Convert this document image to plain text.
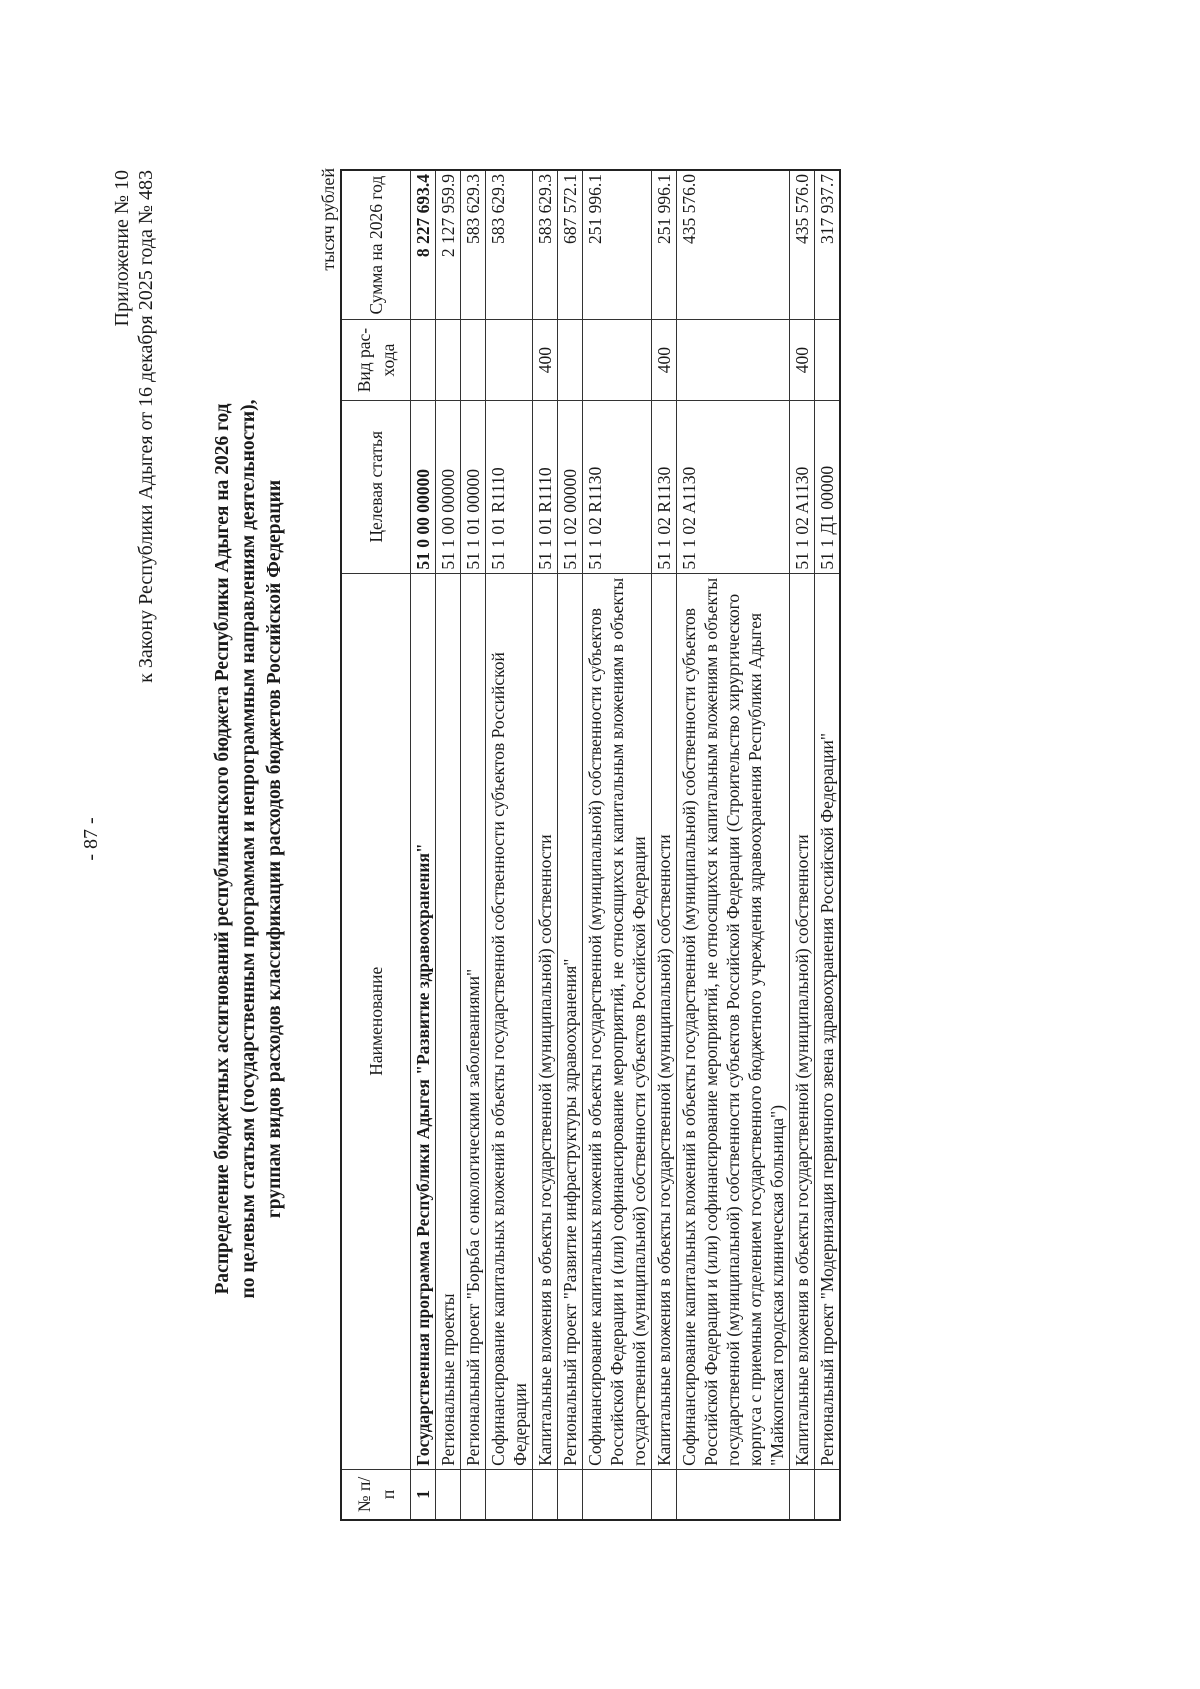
- 87 -
Приложение № 10 к Закону Республики Адыгея от 16 декабря 2025 года № 483	Распределение бюджетных ассигнований республиканского бюджета Республики Адыгея на 2026 год по целевым статьям (государственным программам и непрограммным направлениям деятельности), группам видов расходов классификации расходов бюджетов Российской Федерации
тысяч рублей
№ п/п	Наименование	Целевая статья	Вид рас-хода	Сумма на 2026 год
1	Государственная программа Республики Адыгея "Развитие здравоохранения"	51 0 00 00000		8 227 693.4
	Региональные проекты	51 1 00 00000		2 127 959.9
	Региональный проект "Борьба с онкологическими заболеваниями"	51 1 01 00000		583 629.3
	Софинансирование капитальных вложений в объекты государственной собственности субъектов Российской Федерации	51 1 01 R1110		583 629.3
	Капитальные вложения в объекты государственной (муниципальной) собственности	51 1 01 R1110	400	583 629.3
	Региональный проект "Развитие инфраструктуры здравоохранения"	51 1 02 00000		687 572.1
	Софинансирование капитальных вложений в объекты государственной (муниципальной) собственности субъектов Российской Федерации и (или) софинансирование мероприятий, не относящихся к капитальным вложениям в объекты государственной (муниципальной) собственности субъектов Российской Федерации	51 1 02 R1130		251 996.1
	Капитальные вложения в объекты государственной (муниципальной) собственности	51 1 02 R1130	400	251 996.1
	Софинансирование капитальных вложений в объекты государственной (муниципальной) собственности субъектов Российской Федерации и (или) софинансирование мероприятий, не относящихся к капитальным вложениям в объекты государственной (муниципальной) собственности субъектов Российской Федерации (Строительство хирургического корпуса с приемным отделением государственного бюджетного учреждения здравоохранения Республики Адыгея "Майкопская городская клиническая больница")	51 1 02 A1130		435 576.0
	Капитальные вложения в объекты государственной (муниципальной) собственности	51 1 02 A1130	400	435 576.0
	Региональный проект "Модернизация первичного звена здравоохранения Российской Федерации"	51 1 Д1 00000		317 937.7
